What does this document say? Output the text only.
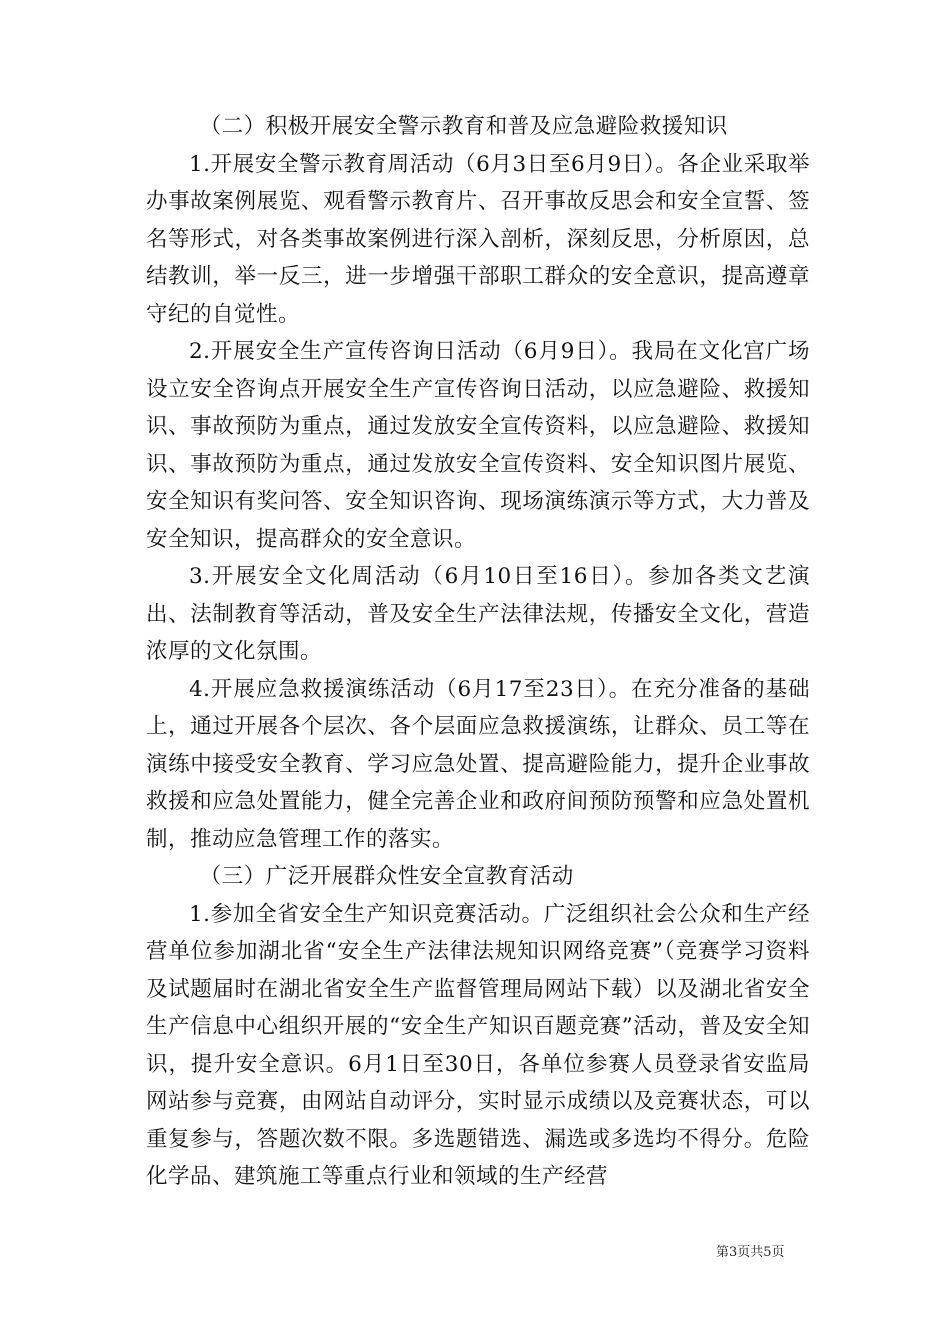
（二）积极开展安全警示教育和普及应急避险救援知识

1.开展安全警示教育周活动（6月3日至6月9日）。各企业采取举办事故案例展览、观看警示教育片、召开事故反思会和安全宣誓、签名等形式，对各类事故案例进行深入剖析，深刻反思，分析原因，总结教训，举一反三，进一步增强干部职工群众的安全意识，提高遵章守纪的自觉性。

2.开展安全生产宣传咨询日活动（6月9日）。我局在文化宫广场设立安全咨询点开展安全生产宣传咨询日活动，以应急避险、救援知识、事故预防为重点，通过发放安全宣传资料，以应急避险、救援知识、事故预防为重点，通过发放安全宣传资料、安全知识图片展览、安全知识有奖问答、安全知识咨询、现场演练演示等方式，大力普及安全知识，提高群众的安全意识。

3.开展安全文化周活动（6月10日至16日）。参加各类文艺演出、法制教育等活动，普及安全生产法律法规，传播安全文化，营造浓厚的文化氛围。

4.开展应急救援演练活动（6月17至23日）。在充分准备的基础上，通过开展各个层次、各个层面应急救援演练，让群众、员工等在演练中接受安全教育、学习应急处置、提高避险能力，提升企业事故救援和应急处置能力，健全完善企业和政府间预防预警和应急处置机制，推动应急管理工作的落实。

（三）广泛开展群众性安全宣教育活动

1.参加全省安全生产知识竞赛活动。广泛组织社会公众和生产经营单位参加湖北省“安全生产法律法规知识网络竞赛”（竞赛学习资料及试题届时在湖北省安全生产监督管理局网站下载）以及湖北省安全生产信息中心组织开展的“安全生产知识百题竞赛”活动，普及安全知识，提升安全意识。6月1日至30日，各单位参赛人员登录省安监局网站参与竞赛，由网站自动评分，实时显示成绩以及竞赛状态，可以重复参与，答题次数不限。多选题错选、漏选或多选均不得分。危险化学品、建筑施工等重点行业和领域的生产经营

第3页共5页
